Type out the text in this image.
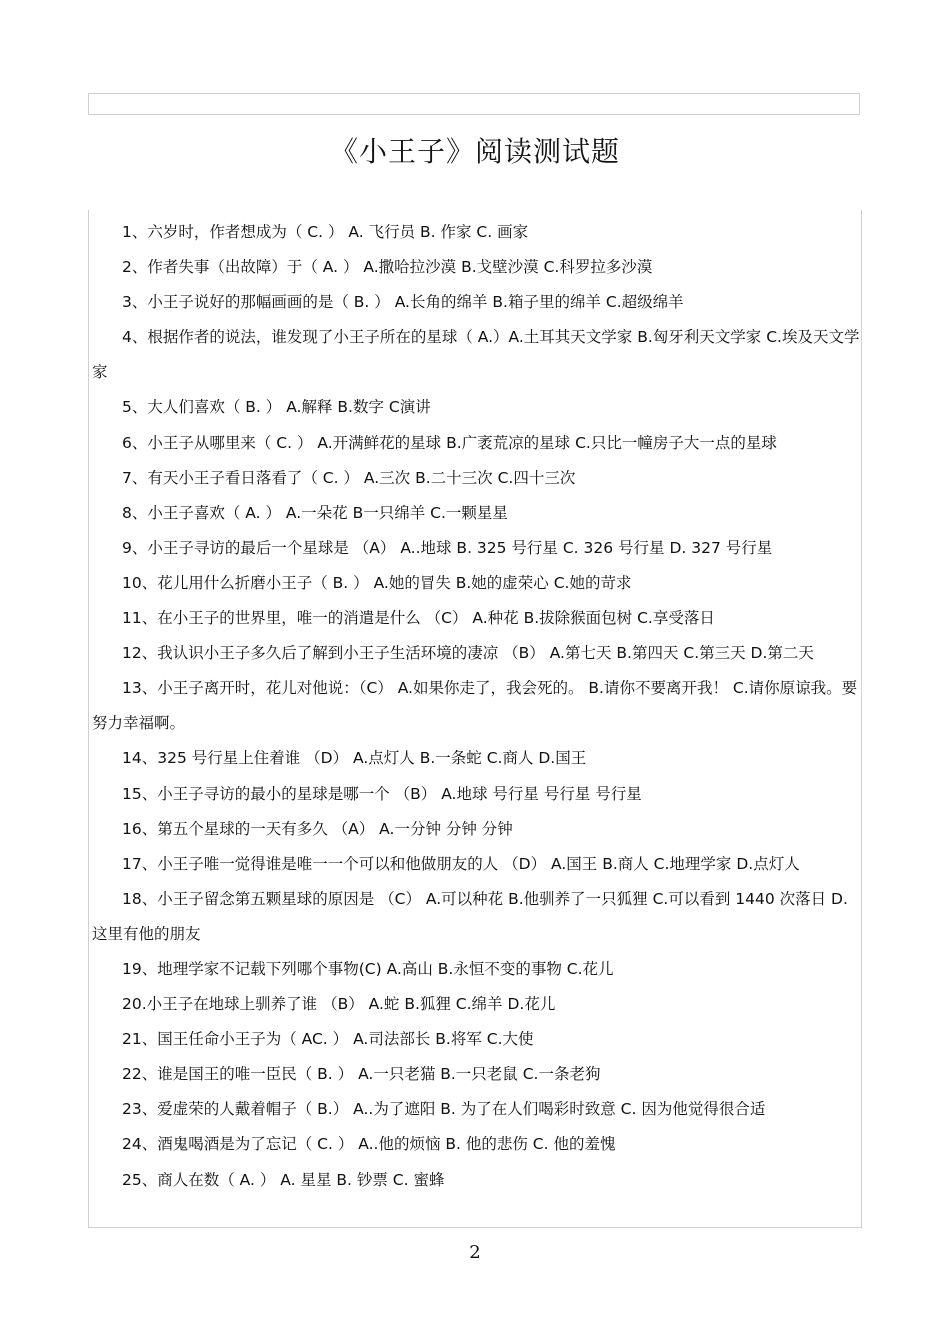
《小王子》阅读测试题
1、六岁时，作者想成为（ C. ） A. 飞行员 B. 作家 C. 画家
2、作者失事（出故障）于（ A. ） A.撒哈拉沙漠 B.戈壁沙漠 C.科罗拉多沙漠
3、小王子说好的那幅画画的是（ B. ） A.长角的绵羊 B.箱子里的绵羊 C.超级绵羊
4、根据作者的说法，谁发现了小王子所在的星球（ A.）A.土耳其天文学家 B.匈牙利天文学家 C.埃及天文学家
5、大人们喜欢（ B. ） A.解释 B.数字 C演讲
6、小王子从哪里来（ C. ） A.开满鲜花的星球 B.广袤荒凉的星球 C.只比一幢房子大一点的星球
7、有天小王子看日落看了（ C. ） A.三次 B.二十三次 C.四十三次
8、小王子喜欢（ A. ） A.一朵花 B一只绵羊 C.一颗星星
9、小王子寻访的最后一个星球是 （A） A..地球 B. 325 号行星 C. 326 号行星 D. 327 号行星
10、花儿用什么折磨小王子（ B. ） A.她的冒失 B.她的虚荣心 C.她的苛求
11、在小王子的世界里，唯一的消遣是什么 （C） A.种花 B.拔除猴面包树 C.享受落日
12、我认识小王子多久后了解到小王子生活环境的凄凉 （B） A.第七天 B.第四天 C.第三天 D.第二天
13、小王子离开时，花儿对他说：（C） A.如果你走了，我会死的。 B.请你不要离开我！ C.请你原谅我。要努力幸福啊。
14、325 号行星上住着谁 （D） A.点灯人 B.一条蛇 C.商人 D.国王
15、小王子寻访的最小的星球是哪一个 （B） A.地球 号行星 号行星 号行星
16、第五个星球的一天有多久 （A） A.一分钟 分钟 分钟
17、小王子唯一觉得谁是唯一一个可以和他做朋友的人 （D） A.国王 B.商人 C.地理学家 D.点灯人
18、小王子留念第五颗星球的原因是 （C） A.可以种花 B.他驯养了一只狐狸 C.可以看到 1440 次落日 D.这里有他的朋友
19、地理学家不记载下列哪个事物(C) A.高山 B.永恒不变的事物 C.花儿
20.小王子在地球上驯养了谁 （B） A.蛇 B.狐狸 C.绵羊 D.花儿
21、国王任命小王子为（ AC. ） A.司法部长 B.将军 C.大使
22、谁是国王的唯一臣民（ B. ） A.一只老猫 B.一只老鼠 C.一条老狗
23、爱虚荣的人戴着帽子（ B.） A..为了遮阳 B. 为了在人们喝彩时致意 C. 因为他觉得很合适
24、酒鬼喝酒是为了忘记（ C. ） A..他的烦恼 B. 他的悲伤 C. 他的羞愧
25、商人在数（ A. ） A. 星星 B. 钞票 C. 蜜蜂
2
